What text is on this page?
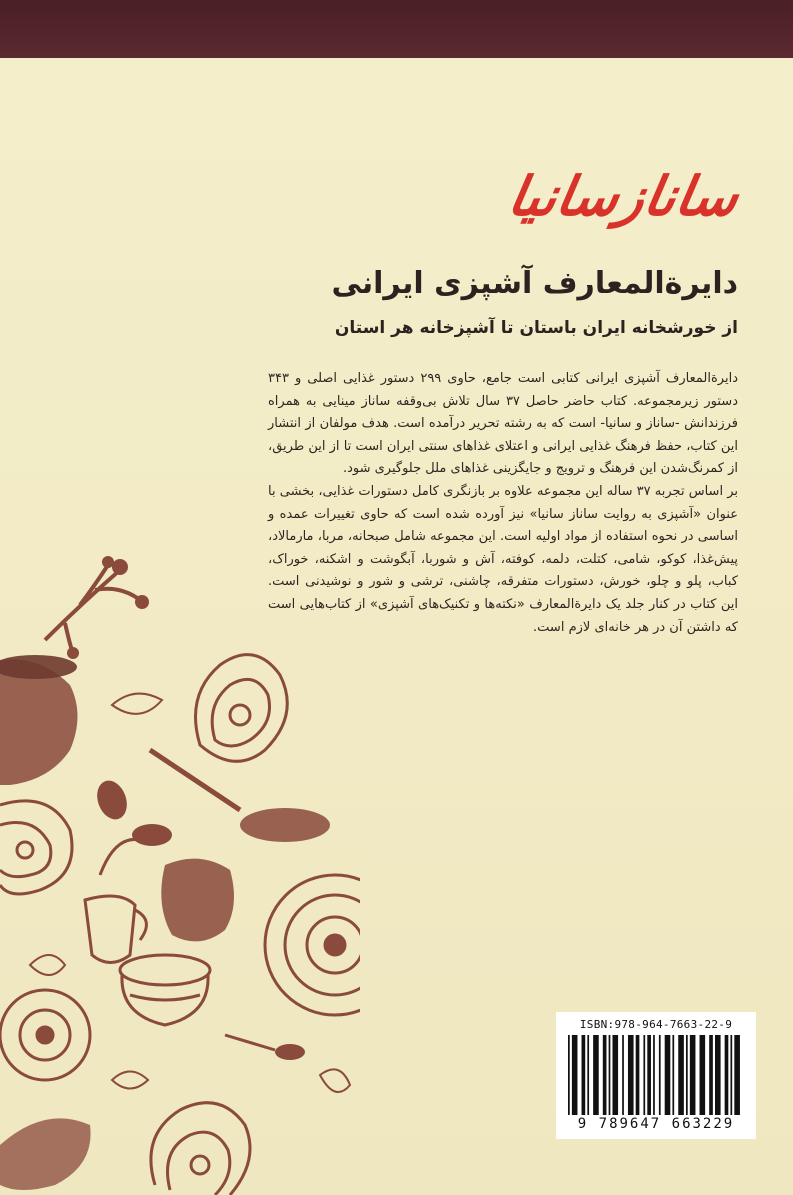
سانازسانیا
دایرةالمعارف آشپزی ایرانی
از خورشخانه ایران باستان تا آشپزخانه هر استان

دایرةالمعارف آشپزی ایرانی کتابی است جامع، حاوی ۲۹۹ دستور غذایی اصلی و ۳۴۳ دستور زیرمجموعه. کتاب حاضر حاصل ۳۷ سال تلاش بی‌وقفه ساناز مینایی به همراه فرزندانش -ساناز و سانیا- است که به رشته تحریر درآمده است. هدف مولفان از انتشار این کتاب، حفظ فرهنگ غذایی ایرانی و اعتلای غذاهای سنتی ایران است تا از این طریق، از کمرنگ‌شدن این فرهنگ و ترویج و جایگزینی غذاهای ملل جلوگیری شود.

بر اساس تجربه ۳۷ ساله این مجموعه علاوه بر بازنگری کامل دستورات غذایی، بخشی با عنوان «آشپزی به روایت ساناز سانیا» نیز آورده شده است که حاوی تغییرات عمده و اساسی در نحوه استفاده از مواد اولیه است. این مجموعه شامل صبحانه، مربا، مارمالاد، پیش‌غذا، کوکو، شامی، کتلت، دلمه، کوفته، آش و شوربا، آبگوشت و اشکنه، خوراک، کباب، پلو و چلو، خورش، دستورات متفرقه، چاشنی، ترشی و شور و نوشیدنی است. این کتاب در کنار جلد یک دایرةالمعارف «نکته‌ها و تکنیک‌های آشپزی» از کتاب‌هایی است که داشتن آن در هر خانه‌ای لازم است.

ISBN:978-964-7663-22-9
9 789647 663229
